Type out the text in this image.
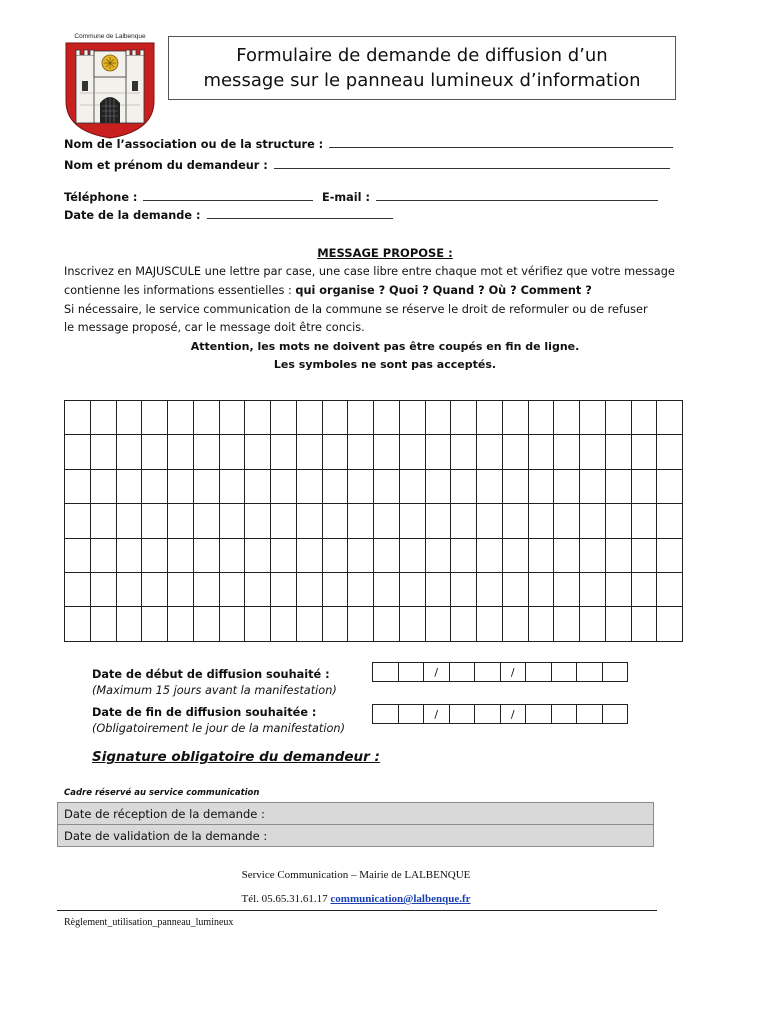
Commune de Lalbenque
Formulaire de demande de diffusion d’un
message sur le panneau lumineux d’information
Nom de l’association ou de la structure :
Nom et prénom du demandeur :
Téléphone :	E-mail :
Date de la demande :
MESSAGE PROPOSE :
Inscrivez en MAJUSCULE une lettre par case, une case libre entre chaque mot et vérifiez que votre message
contienne les informations essentielles : qui organise ? Quoi ? Quand ? Où ? Comment ?
Si nécessaire, le service communication de la commune se réserve le droit de reformuler ou de refuser
le message proposé, car le message doit être concis.
Attention, les mots ne doivent pas être coupés en fin de ligne.
Les symboles ne sont pas acceptés.

Date de début de diffusion souhaité :
(Maximum 15 jours avant la manifestation)
		/			/				
Date de fin de diffusion souhaitée :
(Obligatoirement le jour de la manifestation)
		/			/				
Signature obligatoire du demandeur :
Cadre réservé au service communication
Date de réception de la demande :
Date de validation de la demande :
Service Communication – Mairie de LALBENQUE
Tél. 05.65.31.61.17 communication@lalbenque.fr
Règlement_utilisation_panneau_lumineux
